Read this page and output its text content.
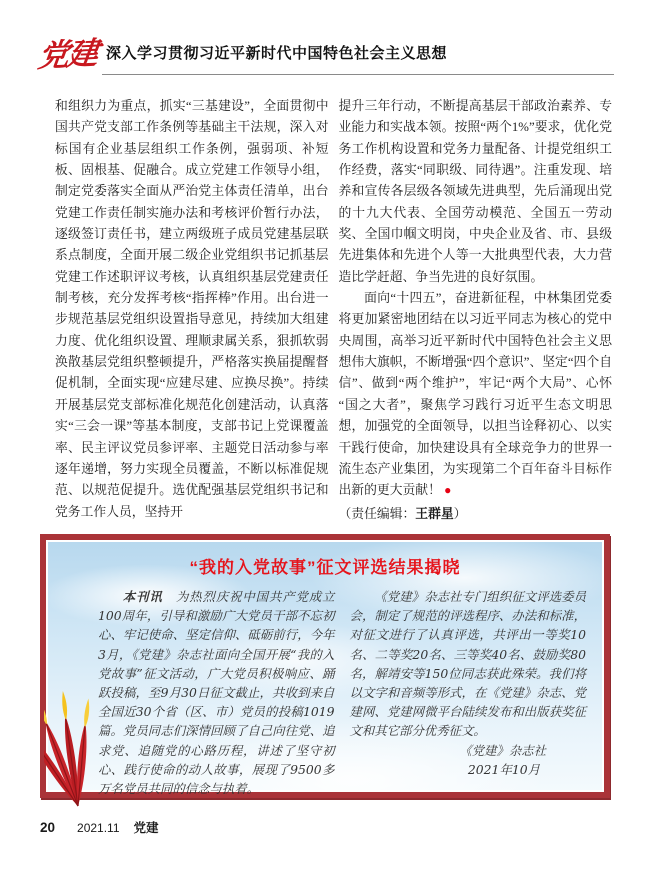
党建 深入学习贯彻习近平新时代中国特色社会主义思想

和组织力为重点，抓实“三基建设”，全面贯彻中国共产党支部工作条例等基础主干法规，深入对标国有企业基层组织工作条例，强弱项、补短板、固根基、促融合。成立党建工作领导小组，制定党委落实全面从严治党主体责任清单，出台党建工作责任制实施办法和考核评价暂行办法，逐级签订责任书，建立两级班子成员党建基层联系点制度，全面开展二级企业党组织书记抓基层党建工作述职评议考核，认真组织基层党建责任制考核，充分发挥考核“指挥棒”作用。出台进一步规范基层党组织设置指导意见，持续加大组建力度、优化组织设置、理顺隶属关系，狠抓软弱涣散基层党组织整顿提升，严格落实换届提醒督促机制，全面实现“应建尽建、应换尽换”。持续开展基层党支部标准化规范化创建活动，认真落实“三会一课”等基本制度，支部书记上党课覆盖率、民主评议党员参评率、主题党日活动参与率逐年递增，努力实现全员覆盖，不断以标准促规范、以规范促提升。选优配强基层党组织书记和党务工作人员，坚持开

提升三年行动，不断提高基层干部政治素养、专业能力和实战本领。按照“两个1%”要求，优化党务工作机构设置和党务力量配备、计提党组织工作经费，落实“同职级、同待遇”。注重发现、培养和宣传各层级各领域先进典型，先后涌现出党的十九大代表、全国劳动模范、全国五一劳动奖、全国巾帼文明岗，中央企业及省、市、县级先进集体和先进个人等一大批典型代表，大力营造比学赶超、争当先进的良好氛围。

面向“十四五”，奋进新征程，中林集团党委将更加紧密地团结在以习近平同志为核心的党中央周围，高举习近平新时代中国特色社会主义思想伟大旗帜，不断增强“四个意识”、坚定“四个自信”、做到“两个维护”，牢记“两个大局”、心怀“国之大者”，聚焦学习践行习近平生态文明思想，加强党的全面领导，以担当诠释初心、以实干践行使命，加快建设具有全球竞争力的世界一流生态产业集团，为实现第二个百年奋斗目标作出新的更大贡献！ ●

（责任编辑：王群星）

“我的入党故事”征文评选结果揭晓

本刊讯　为热烈庆祝中国共产党成立100周年，引导和激励广大党员干部不忘初心、牢记使命、坚定信仰、砥砺前行，今年3月，《党建》杂志社面向全国开展“我的入党故事”征文活动，广大党员积极响应、踊跃投稿，至9月30日征文截止，共收到来自全国近30个省（区、市）党员的投稿1019篇。党员同志们深情回顾了自己向往党、追求党、追随党的心路历程，讲述了坚守初心、践行使命的动人故事，展现了9500多万名党员共同的信念与执着。

《党建》杂志社专门组织征文评选委员会，制定了规范的评选程序、办法和标准，对征文进行了认真评选，共评出一等奖10名、二等奖20名、三等奖40名、鼓励奖80名，解靖安等150位同志获此殊荣。我们将以文字和音频等形式，在《党建》杂志、党建网、党建网微平台陆续发布和出版获奖征文和其它部分优秀征文。

《党建》杂志社

2021年10月

20 2021.11 党建
